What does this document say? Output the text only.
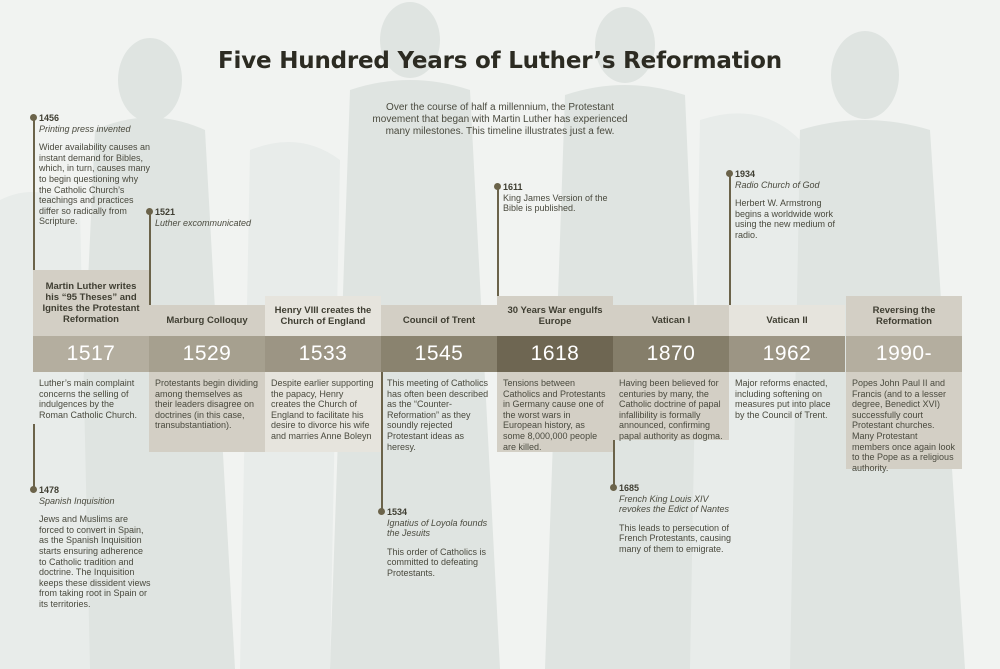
Five Hundred Years of Luther’s Reformation

Over the course of half a millennium, the Protestant movement that began with Martin Luther has experienced many milestones. This timeline illustrates just a few.

Martin Luther writes his “95 Theses” and Ignites the Protestant Reformation
1517
Luther’s main complaint concerns the selling of indulgences by the Roman Catholic Church.
Marburg Colloquy
1529
Protestants begin dividing among themselves as their leaders disagree on doctrines (in this case, transubstantiation).
Henry VIII creates the Church of England
1533
Despite earlier supporting the papacy, Henry creates the Church of England to facilitate his desire to divorce his wife and marries Anne Boleyn
Council of Trent
1545
This meeting of Catholics has often been described as the “Counter-Reformation” as they soundly rejected Protestant ideas as heresy.
30 Years War engulfs Europe
1618
Tensions between Catholics and Protestants in Germany cause one of the worst wars in European history, as some 8,000,000 people are killed.
Vatican I
1870
Having been believed for centuries by many, the Catholic doctrine of papal infallibility is formally announced, confirming papal authority as dogma.
Vatican II
1962
Major reforms enacted, including softening on measures put into place by the Council of Trent.
Reversing the Reformation
1990-
Popes John Paul II and Francis (and to a lesser degree, Benedict XVI) successfully court Protestant churches. Many Protestant members once again look to the Pope as a religious authority.
1456
Printing press invented
Wider availability causes an instant demand for Bibles, which, in turn, causes many to begin questioning why the Catholic Church’s teachings and practices differ so radically from Scripture.
1521
Luther excommunicated
1611
King James Version of the Bible is published.
1934
Radio Church of God
Herbert W. Armstrong begins a worldwide work using the new medium of radio.
1478
Spanish Inquisition
Jews and Muslims are forced to convert in Spain, as the Spanish Inquisition starts ensuring adherence to Catholic tradition and doctrine. The Inquisition keeps these dissident views from taking root in Spain or its territories.
1534
Ignatius of Loyola founds the Jesuits
This order of Catholics is committed to defeating Protestants.
1685
French King Louis XIV revokes the Edict of Nantes
This leads to persecution of French Protestants, causing many of them to emigrate.
